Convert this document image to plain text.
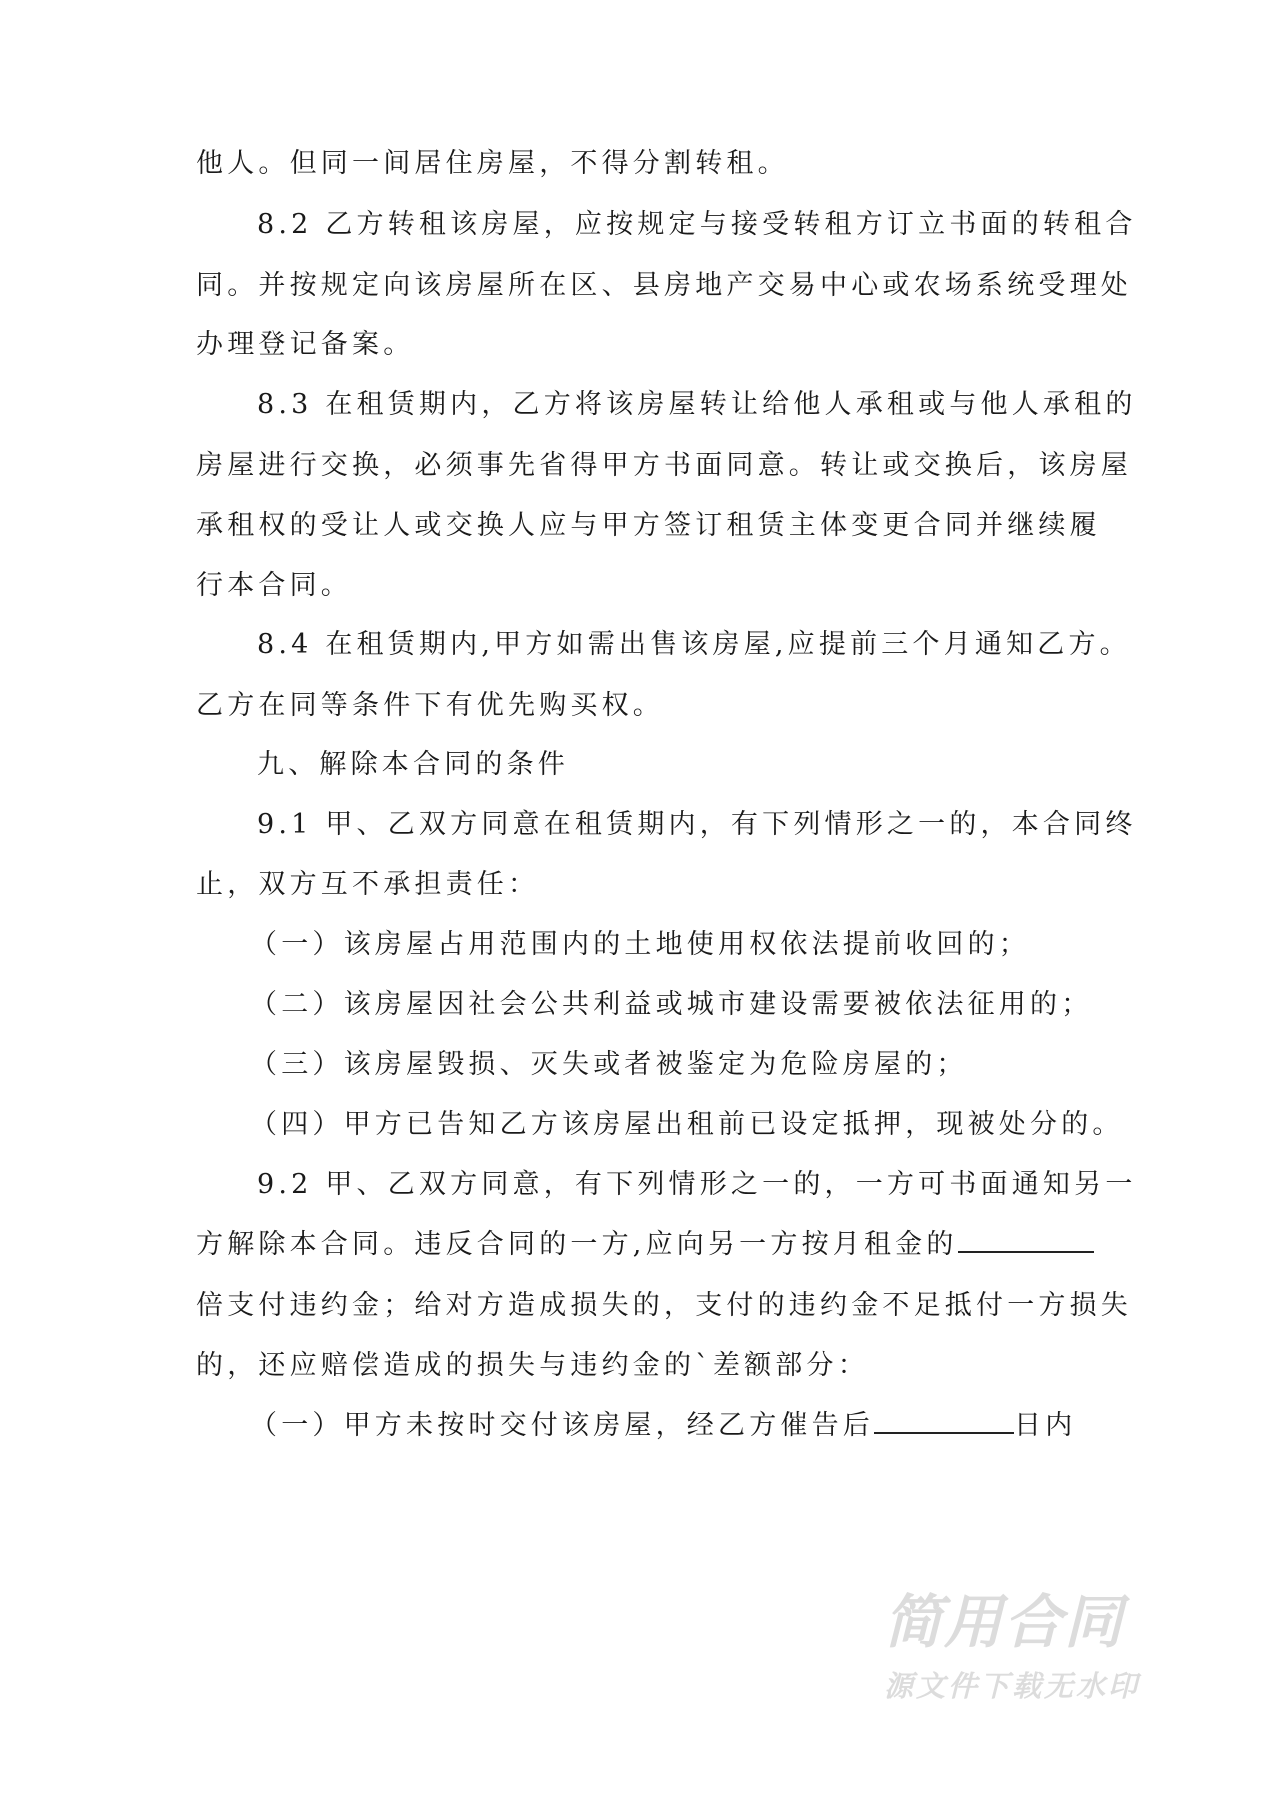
他人。但同一间居住房屋，不得分割转租。
8.2 乙方转租该房屋，应按规定与接受转租方订立书面的转租合
同。并按规定向该房屋所在区、县房地产交易中心或农场系统受理处
办理登记备案。
8.3 在租赁期内，乙方将该房屋转让给他人承租或与他人承租的
房屋进行交换，必须事先省得甲方书面同意。转让或交换后，该房屋
承租权的受让人或交换人应与甲方签订租赁主体变更合同并继续履
行本合同。
8.4 在租赁期内,甲方如需出售该房屋,应提前三个月通知乙方。
乙方在同等条件下有优先购买权。
九、解除本合同的条件
9.1 甲、乙双方同意在租赁期内，有下列情形之一的，本合同终
止，双方互不承担责任：
（一）该房屋占用范围内的土地使用权依法提前收回的；
（二）该房屋因社会公共利益或城市建设需要被依法征用的；
（三）该房屋毁损、灭失或者被鉴定为危险房屋的；
（四）甲方已告知乙方该房屋出租前已设定抵押，现被处分的。
9.2 甲、乙双方同意，有下列情形之一的，一方可书面通知另一
方解除本合同。违反合同的一方,应向另一方按月租金的
倍支付违约金；给对方造成损失的，支付的违约金不足抵付一方损失
的，还应赔偿造成的损失与违约金的`差额部分：
（一）甲方未按时交付该房屋，经乙方催告后	日内
简用合同
源文件下载无水印
